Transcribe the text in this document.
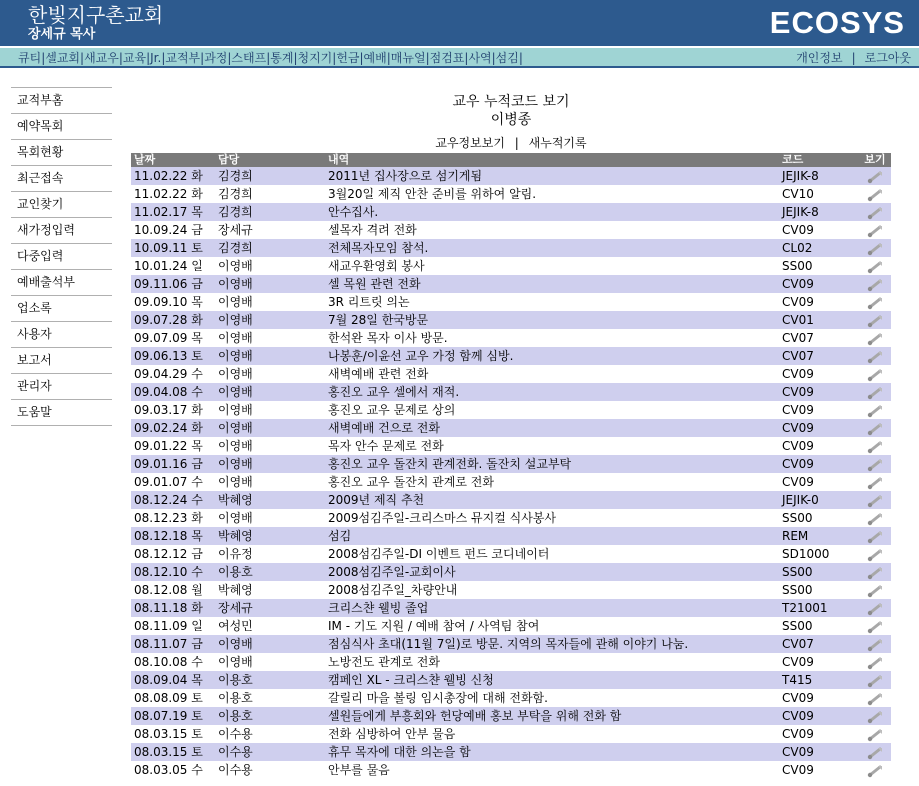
한빛지구촌교회
장세규 목사	ECOSYS
큐티 | 셀교회 | 새교우 | 교육 | Jr. | 교적부 | 과정 | 스태프 | 통계 | 청지기 | 헌금 | 예배 | 매뉴얼 | 점검표 | 사역 | 섬김 |	개인정보 | 로그아웃
교적부홈
예약목회
목회현황
최근접속
교인찾기
새가정입력
다중입력
예배출석부
업소록
사용자
보고서
관리자
도움말
교우 누적코드 보기
이병종
교우정보보기 | 새누적기록
날짜	담당	내역	코드	보기
11.02.22 화	김경희	2011년 집사장으로 섬기게됨	JEJIK-8	
11.02.22 화	김경희	3월20일 제직 안찬 준비를 위하여 알림.	CV10	
11.02.17 목	김경희	안수집사.	JEJIK-8	
10.09.24 금	장세규	셀목자 격려 전화	CV09	
10.09.11 토	김경희	전체목자모임 참석.	CL02	
10.01.24 일	이영배	새교우환영회 봉사	SS00	
09.11.06 금	이영배	셀 목원 관련 전화	CV09	
09.09.10 목	이영배	3R 리트릿 의논	CV09	
09.07.28 화	이영배	7월 28일 한국방문	CV01	
09.07.09 목	이영배	한석완 목자 이사 방문.	CV07	
09.06.13 토	이영배	나봉훈/이윤선 교우 가정 함께 심방.	CV07	
09.04.29 수	이영배	새벽예배 관련 전화	CV09	
09.04.08 수	이영배	홍진오 교우 셀에서 재적.	CV09	
09.03.17 화	이영배	홍진오 교우 문제로 상의	CV09	
09.02.24 화	이영배	새벽예배 건으로 전화	CV09	
09.01.22 목	이영배	목자 안수 문제로 전화	CV09	
09.01.16 금	이영배	홍진오 교우 돌잔치 관계전화. 돌잔치 설교부탁	CV09	
09.01.07 수	이영배	홍진오 교우 돌잔치 관계로 전화	CV09	
08.12.24 수	박혜영	2009년 제직 추천	JEJIK-0	
08.12.23 화	이영배	2009섬김주일-크리스마스 뮤지컬 식사봉사	SS00	
08.12.18 목	박혜영	섬김	REM	
08.12.12 금	이유정	2008섬김주일-DI 이벤트 펀드 코디네이터	SD1000	
08.12.10 수	이용호	2008섬김주일-교회이사	SS00	
08.12.08 월	박혜영	2008섬김주일_차량안내	SS00	
08.11.18 화	장세규	크리스챤 웰빙 졸업	T21001	
08.11.09 일	여성민	IM - 기도 지원 / 예배 참여 / 사역팀 참여	SS00	
08.11.07 금	이영배	점심식사 초대(11월 7일)로 방문. 지역의 목자들에 관해 이야기 나눔.	CV07	
08.10.08 수	이영배	노방전도 관계로 전화	CV09	
08.09.04 목	이용호	캠페인 XL - 크리스챤 웰빙 신청	T415	
08.08.09 토	이용호	갈릴리 마을 볼링 임시총장에 대해 전화함.	CV09	
08.07.19 토	이용호	셀원들에게 부흥회와 헌당예배 홍보 부탁을 위해 전화 함	CV09	
08.03.15 토	이수용	전화 심방하여 안부 물음	CV09	
08.03.15 토	이수용	휴무 목자에 대한 의논을 함	CV09	
08.03.05 수	이수용	안부를 물음	CV09	
